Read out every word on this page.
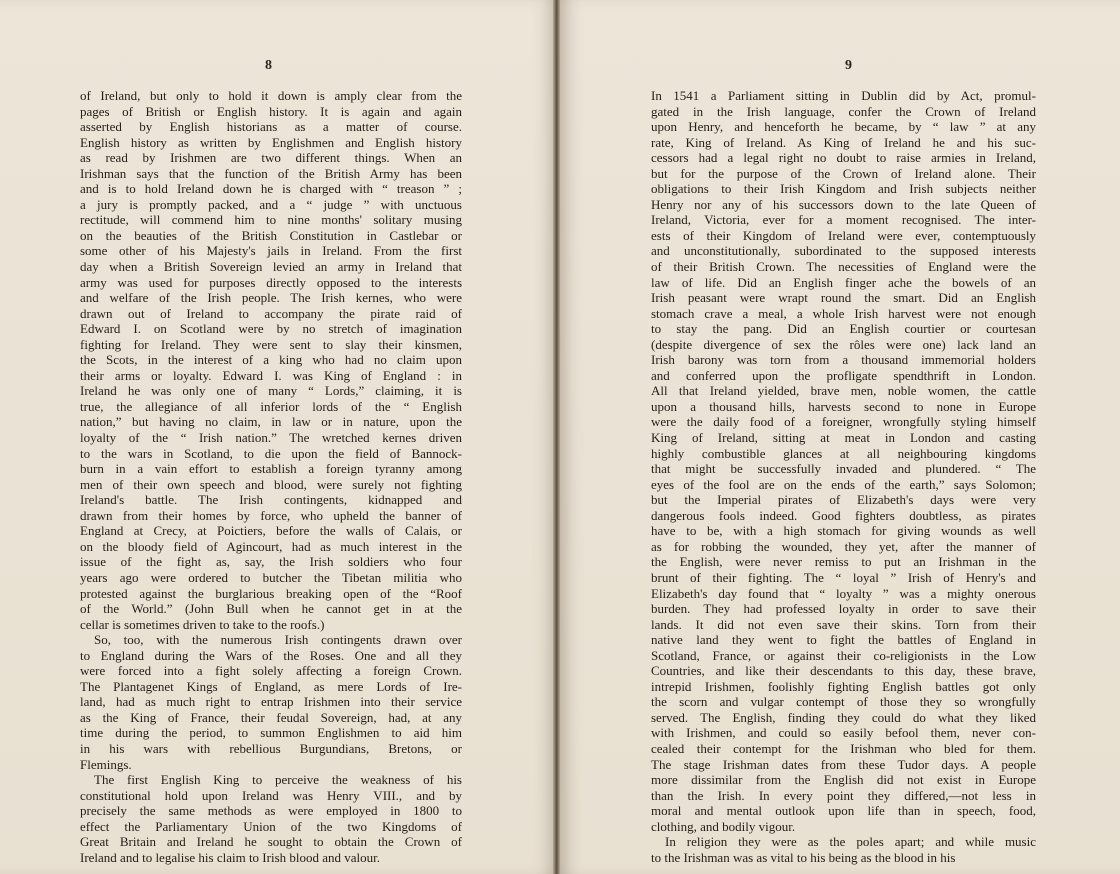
8
of Ireland, but only to hold it down is amply clear from the
pages of British or English history. It is again and again
asserted by English historians as a matter of course.
English history as written by Englishmen and English history
as read by Irishmen are two different things. When an
Irishman says that the function of the British Army has been
and is to hold Ireland down he is charged with “ treason ” ;
a jury is promptly packed, and a “ judge ” with unctuous
rectitude, will commend him to nine months' solitary musing
on the beauties of the British Constitution in Castlebar or
some other of his Majesty's jails in Ireland. From the first
day when a British Sovereign levied an army in Ireland that
army was used for purposes directly opposed to the interests
and welfare of the Irish people. The Irish kernes, who were
drawn out of Ireland to accompany the pirate raid of
Edward I. on Scotland were by no stretch of imagination
fighting for Ireland. They were sent to slay their kinsmen,
the Scots, in the interest of a king who had no claim upon
their arms or loyalty. Edward I. was King of England : in
Ireland he was only one of many “ Lords,” claiming, it is
true, the allegiance of all inferior lords of the “ English
nation,” but having no claim, in law or in nature, upon the
loyalty of the “ Irish nation.” The wretched kernes driven
to the wars in Scotland, to die upon the field of Bannock-
burn in a vain effort to establish a foreign tyranny among
men of their own speech and blood, were surely not fighting
Ireland's battle. The Irish contingents, kidnapped and
drawn from their homes by force, who upheld the banner of
England at Crecy, at Poictiers, before the walls of Calais, or
on the bloody field of Agincourt, had as much interest in the
issue of the fight as, say, the Irish soldiers who four
years ago were ordered to butcher the Tibetan militia who
protested against the burglarious breaking open of the “Roof
of the World.” (John Bull when he cannot get in at the
cellar is sometimes driven to take to the roofs.)
So, too, with the numerous Irish contingents drawn over
to England during the Wars of the Roses. One and all they
were forced into a fight solely affecting a foreign Crown.
The Plantagenet Kings of England, as mere Lords of Ire-
land, had as much right to entrap Irishmen into their service
as the King of France, their feudal Sovereign, had, at any
time during the period, to summon Englishmen to aid him
in his wars with rebellious Burgundians, Bretons, or
Flemings.
The first English King to perceive the weakness of his
constitutional hold upon Ireland was Henry VIII., and by
precisely the same methods as were employed in 1800 to
effect the Parliamentary Union of the two Kingdoms of
Great Britain and Ireland he sought to obtain the Crown of
Ireland and to legalise his claim to Irish blood and valour.
9
In 1541 a Parliament sitting in Dublin did by Act, promul-
gated in the Irish language, confer the Crown of Ireland
upon Henry, and henceforth he became, by “ law ” at any
rate, King of Ireland. As King of Ireland he and his suc-
cessors had a legal right no doubt to raise armies in Ireland,
but for the purpose of the Crown of Ireland alone. Their
obligations to their Irish Kingdom and Irish subjects neither
Henry nor any of his successors down to the late Queen of
Ireland, Victoria, ever for a moment recognised. The inter-
ests of their Kingdom of Ireland were ever, contemptuously
and unconstitutionally, subordinated to the supposed interests
of their British Crown. The necessities of England were the
law of life. Did an English finger ache the bowels of an
Irish peasant were wrapt round the smart. Did an English
stomach crave a meal, a whole Irish harvest were not enough
to stay the pang. Did an English courtier or courtesan
(despite divergence of sex the rôles were one) lack land an
Irish barony was torn from a thousand immemorial holders
and conferred upon the profligate spendthrift in London.
All that Ireland yielded, brave men, noble women, the cattle
upon a thousand hills, harvests second to none in Europe
were the daily food of a foreigner, wrongfully styling himself
King of Ireland, sitting at meat in London and casting
highly combustible glances at all neighbouring kingdoms
that might be successfully invaded and plundered. “ The
eyes of the fool are on the ends of the earth,” says Solomon;
but the Imperial pirates of Elizabeth's days were very
dangerous fools indeed. Good fighters doubtless, as pirates
have to be, with a high stomach for giving wounds as well
as for robbing the wounded, they yet, after the manner of
the English, were never remiss to put an Irishman in the
brunt of their fighting. The “ loyal ” Irish of Henry's and
Elizabeth's day found that “ loyalty ” was a mighty onerous
burden. They had professed loyalty in order to save their
lands. It did not even save their skins. Torn from their
native land they went to fight the battles of England in
Scotland, France, or against their co-religionists in the Low
Countries, and like their descendants to this day, these brave,
intrepid Irishmen, foolishly fighting English battles got only
the scorn and vulgar contempt of those they so wrongfully
served. The English, finding they could do what they liked
with Irishmen, and could so easily befool them, never con-
cealed their contempt for the Irishman who bled for them.
The stage Irishman dates from these Tudor days. A people
more dissimilar from the English did not exist in Europe
than the Irish. In every point they differed,—not less in
moral and mental outlook upon life than in speech, food,
clothing, and bodily vigour.
In religion they were as the poles apart; and while music
to the Irishman was as vital to his being as the blood in his
